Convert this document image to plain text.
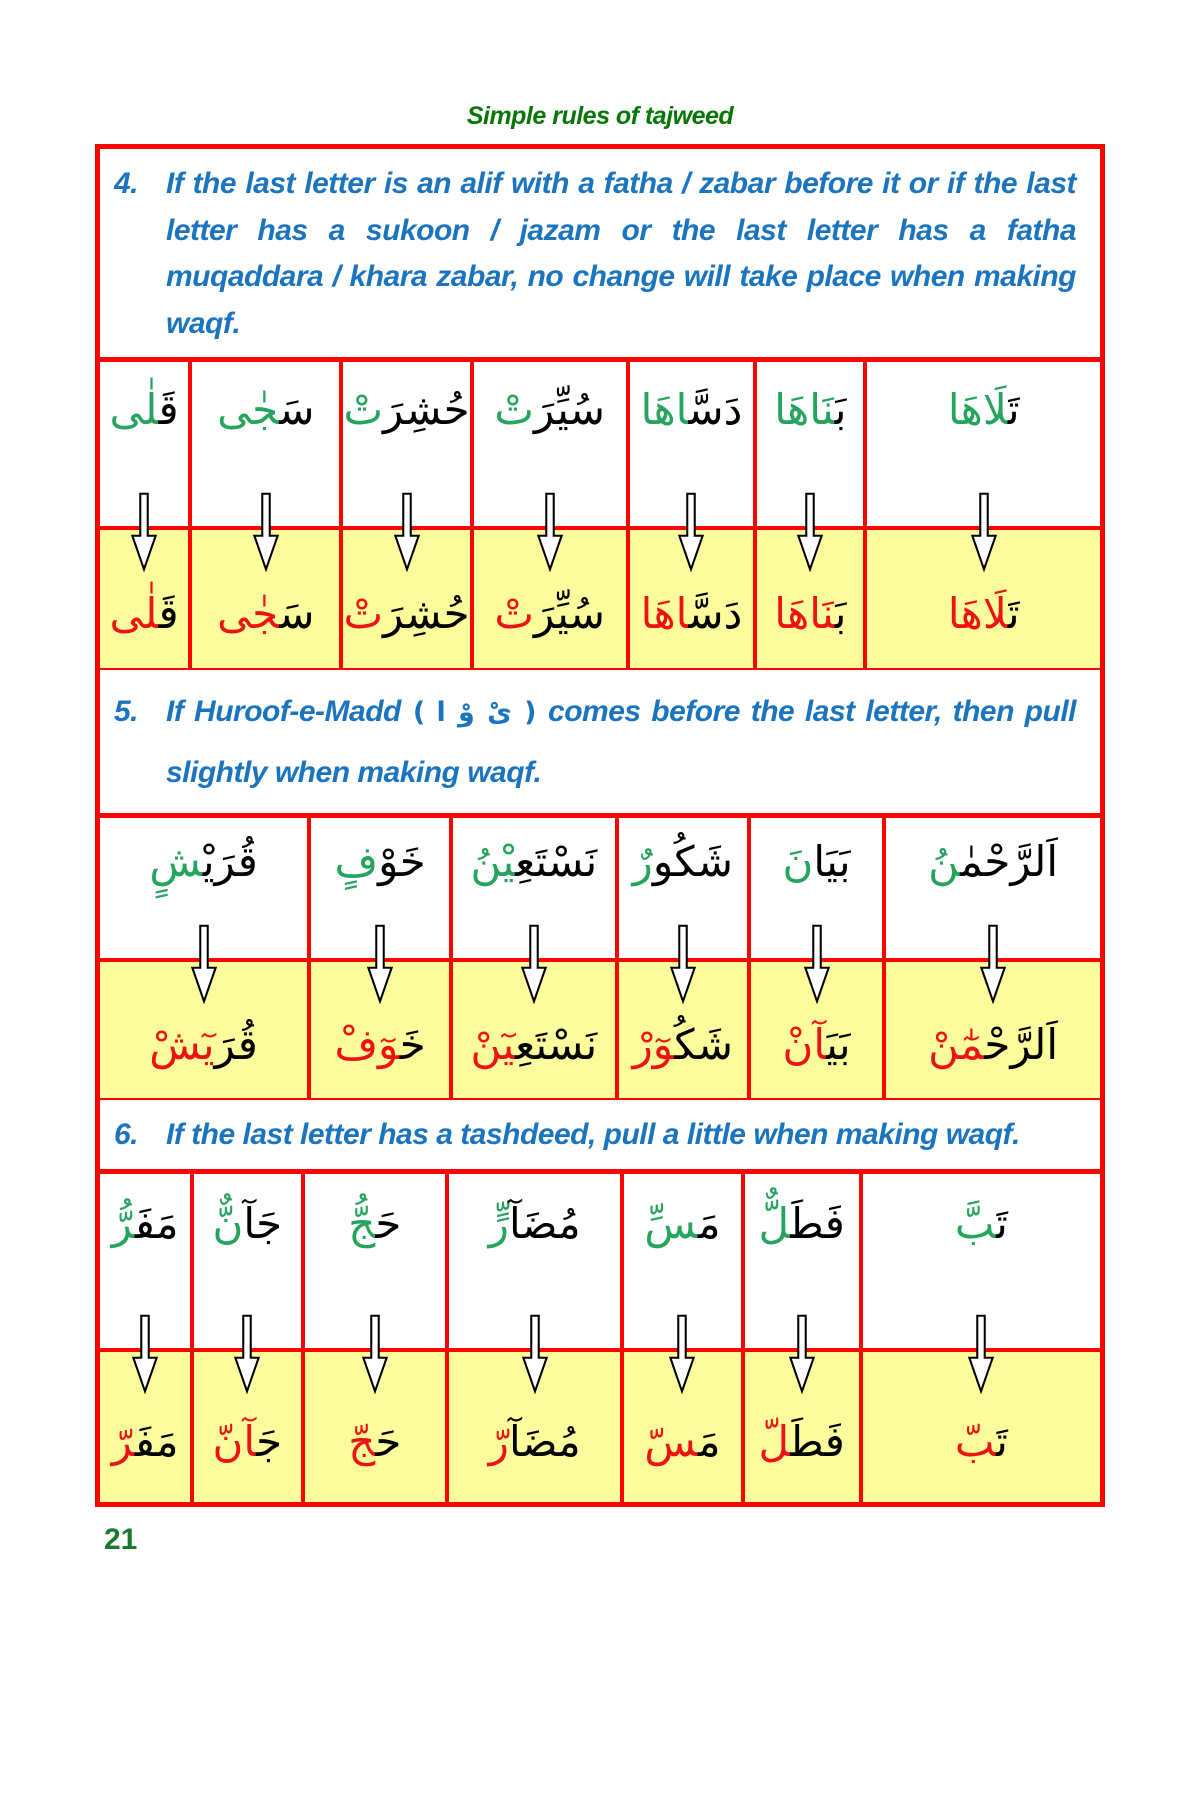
Simple rules of tajweed
4. If the last letter is an alif with a fatha / zabar before it or if the last letter has a sukoon / jazam or the last letter has a fatha muqaddara / khara zabar, no change will take place when making waqf.

تَلَاهَا
بَنَاهَا
دَسَّاهَا
سُيِّرَتْ
حُشِرَتْ
سَجٰى
قَلٰى
تَلَاهَا
بَنَاهَا
دَسَّاهَا
سُيِّرَتْ
حُشِرَتْ
سَجٰى
قَلٰى
5. If Huroof-e-Madd ( ىْ وْ ا ) comes before the last letter, then pull slightly when making waqf.

اَلرَّحْمٰنُ
بَيَانَ
شَكُورٌ
نَسْتَعِيْنُ
خَوْفٍ
قُرَيْشٍ
اَلرَّحْمٰٓنْ
بَيَآنْ
شَكُوٓرْ
نَسْتَعِيٓنْ
خَوٓفْ
قُرَيٓشْ
6. If the last letter has a tashdeed, pull a little when making waqf.

تَبَّ
فَطَلٌّ
مَسِّ
مُضَآرٍّ
حَجُّ
جَآنٌّ
مَفَرُّ
تَبّ
فَطَلّ
مَسّ
مُضَآرّ
حَجّ
جَآنّ
مَفَرّ
21
